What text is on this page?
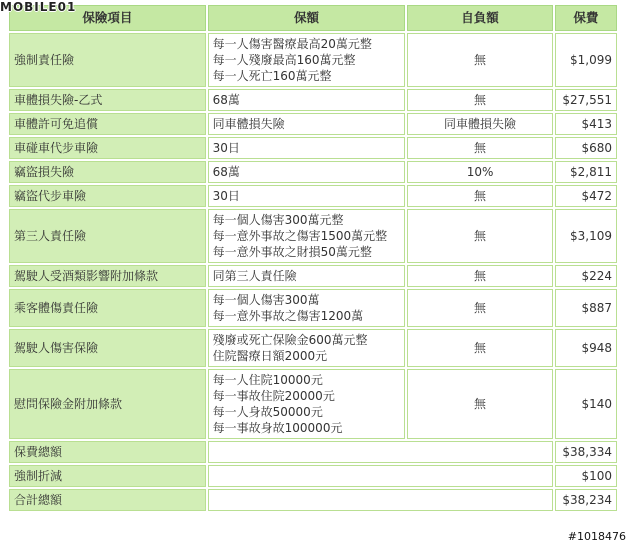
保險項目	保額	自負額	保費
強制責任險	每一人傷害醫療最高20萬元整
每一人殘廢最高160萬元整
每一人死亡160萬元整	無	$1,099
車體損失險-乙式	68萬	無	$27,551
車體許可免追償	同車體損失險	同車體損失險	$413
車碰車代步車險	30日	無	$680
竊盜損失險	68萬	10%	$2,811
竊盜代步車險	30日	無	$472
第三人責任險	每一個人傷害300萬元整
每一意外事故之傷害1500萬元整
每一意外事故之財損50萬元整	無	$3,109
駕駛人受酒類影響附加條款	同第三人責任險	無	$224
乘客體傷責任險	每一個人傷害300萬
每一意外事故之傷害1200萬	無	$887
駕駛人傷害保險	殘廢或死亡保險金600萬元整
住院醫療日額2000元	無	$948
慰問保險金附加條款	每一人住院10000元
每一事故住院20000元
每一人身故50000元
每一事故身故100000元	無	$140
保費總額			$38,334
強制折減			$100
合計總額			$38,234
MOBILE01
#1018476
